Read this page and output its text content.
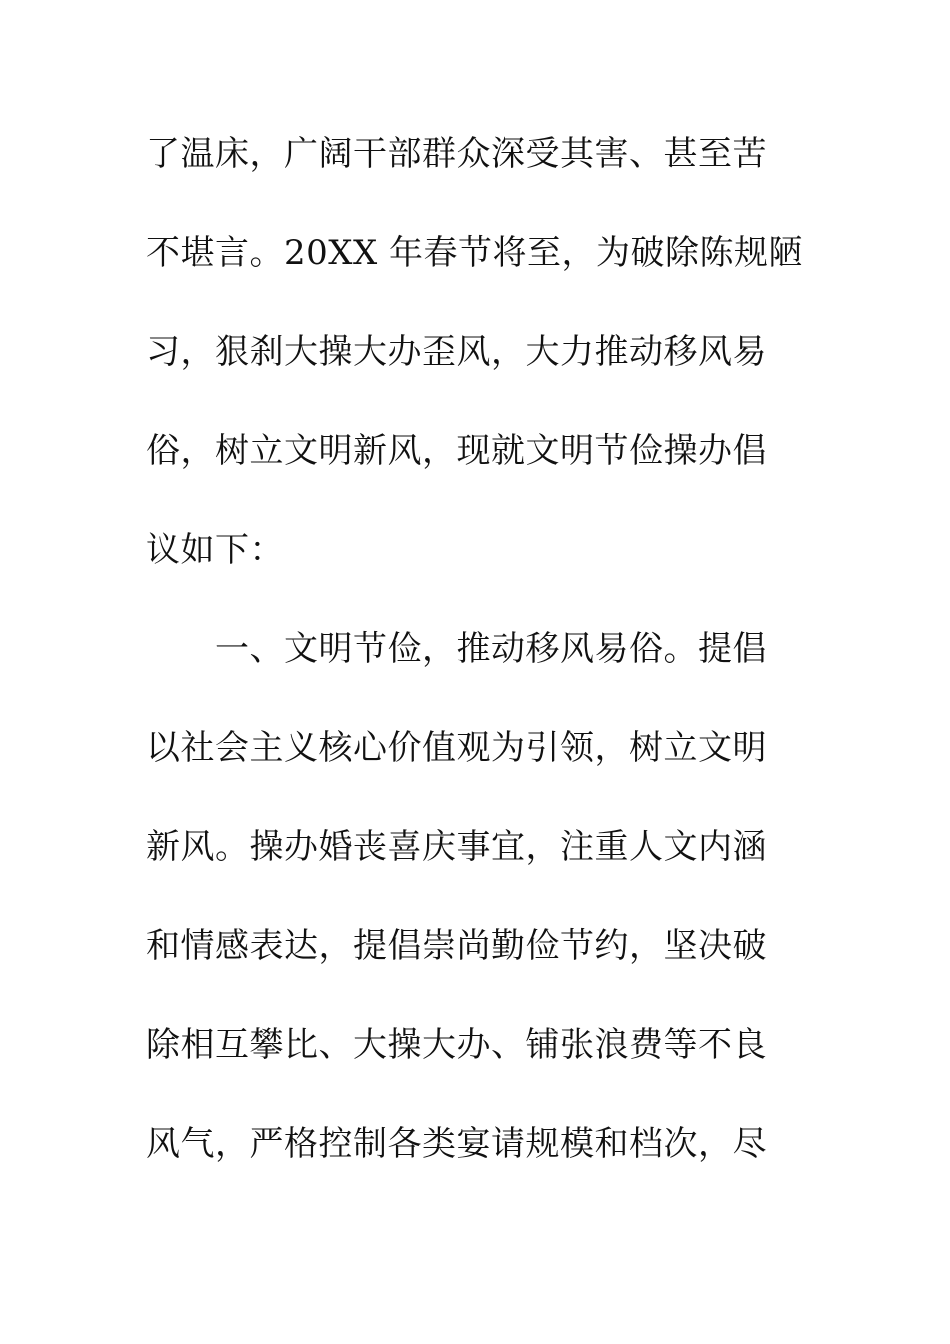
了温床，广阔干部群众深受其害、甚至苦
不堪言。20XX 年春节将至，为破除陈规陋
习，狠刹大操大办歪风，大力推动移风易
俗，树立文明新风，现就文明节俭操办倡
议如下：
一、文明节俭，推动移风易俗。提倡
以社会主义核心价值观为引领，树立文明
新风。操办婚丧喜庆事宜，注重人文内涵
和情感表达，提倡崇尚勤俭节约，坚决破
除相互攀比、大操大办、铺张浪费等不良
风气，严格控制各类宴请规模和档次，尽
